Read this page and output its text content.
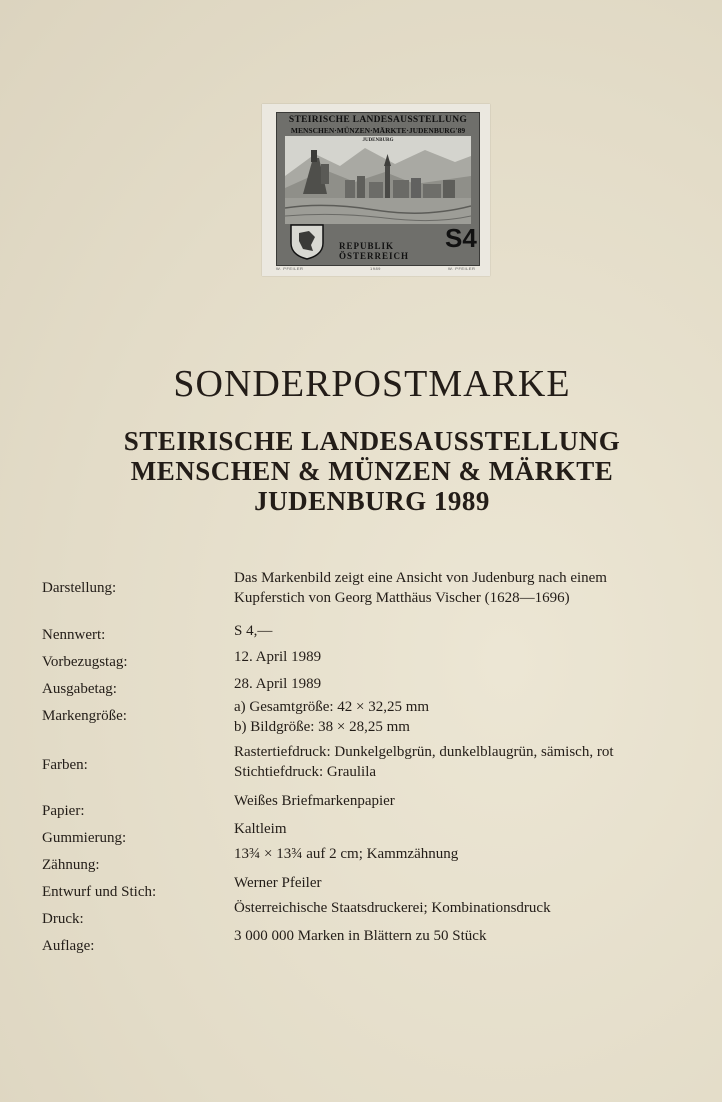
STEIRISCHE LANDESAUSSTELLUNG
MENSCHEN·MÜNZEN·MÄRKTE·JUDENBURG'89
JUDENBURG
REPUBLIK
ÖSTERREICH
S4
W. PFEILER	1989	W. PFEILER
SONDERPOSTMARKE
STEIRISCHE LANDESAUSSTELLUNG
MENSCHEN & MÜNZEN & MÄRKTE
JUDENBURG 1989
Darstellung:
Das Markenbild zeigt eine Ansicht von Judenburg nach einem
Kupferstich von Georg Matthäus Vischer (1628—1696)
Nennwert:	S 4,—
Vorbezugstag:	12. April 1989
Ausgabetag:	28. April 1989
Markengröße:
a) Gesamtgröße: 42 × 32,25 mm
b) Bildgröße: 38 × 28,25 mm
Farben:
Rastertiefdruck: Dunkelgelbgrün, dunkelblaugrün, sämisch, rot
Stichtiefdruck: Graulila
Papier:
Weißes Briefmarkenpapier
Gummierung:
Kaltleim
Zähnung:
13¾ × 13¾ auf 2 cm; Kammzähnung
Entwurf und Stich:
Werner Pfeiler
Druck:
Österreichische Staatsdruckerei; Kombinationsdruck
Auflage:
3 000 000 Marken in Blättern zu 50 Stück
